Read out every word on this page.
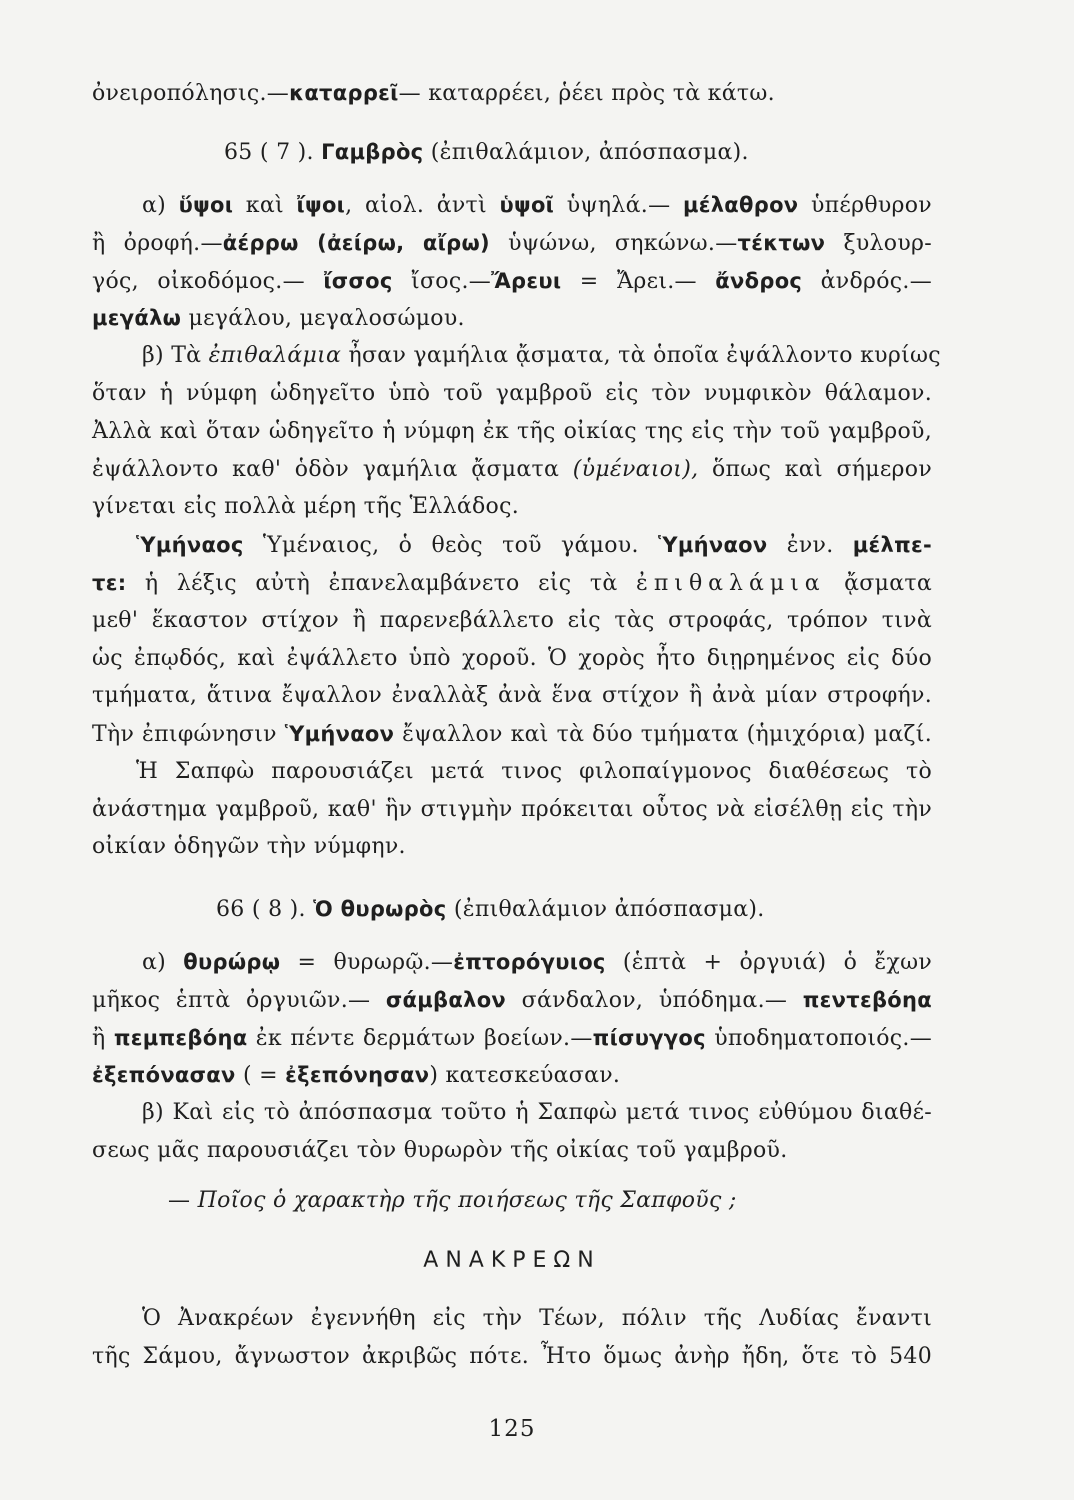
ὀνειροπόλησις.—καταρρεῖ— καταρρέει, ῥέει πρὸς τὰ κάτω.
65 ( 7 ). Γαμβρὸς (ἐπιθαλάμιον, ἀπόσπασμα).
α) ὕψοι καὶ ἴψοι, αἰολ. ἀντὶ ὑψοῖ ὑψηλά.— μέλαθρον ὑπέρθυρον
ἢ ὀροφή.—ἀέρρω (ἀείρω, αἴρω) ὑψώνω, σηκώνω.—τέκτων ξυλουρ-
γός, οἰκοδόμος.— ἴσσος ἴσος.—Ἄρευι = Ἄρει.— ἄνδρος ἀνδρός.—
μεγάλω μεγάλου, μεγαλοσώμου.
β) Τὰ ἐπιθαλάμια ἦσαν γαμήλια ᾄσματα, τὰ ὁποῖα ἐψάλλοντο κυρίως
ὅταν ἡ νύμφη ὡδηγεῖτο ὑπὸ τοῦ γαμβροῦ εἰς τὸν νυμφικὸν θάλαμον.
Ἀλλὰ καὶ ὅταν ὡδηγεῖτο ἡ νύμφη ἐκ τῆς οἰκίας της εἰς τὴν τοῦ γαμβροῦ,
ἐψάλλοντο καθ' ὁδὸν γαμήλια ᾄσματα (ὑμέναιοι), ὅπως καὶ σήμερον
γίνεται εἰς πολλὰ μέρη τῆς Ἑλλάδος.
Ὑμήναος Ὑμέναιος, ὁ θεὸς τοῦ γάμου. Ὑμήναον ἐνν. μέλπε-
τε: ἡ λέξις αὐτὴ ἐπανελαμβάνετο εἰς τὰ ἐπιθαλάμια ᾄσματα
μεθ' ἕκαστον στίχον ἢ παρενεβάλλετο εἰς τὰς στροφάς, τρόπον τινὰ
ὡς ἐπῳδός, καὶ ἐψάλλετο ὑπὸ χοροῦ. Ὁ χορὸς ἦτο διῃρημένος εἰς δύο
τμήματα, ἅτινα ἔψαλλον ἐναλλὰξ ἀνὰ ἕνα στίχον ἢ ἀνὰ μίαν στροφήν.
Τὴν ἐπιφώνησιν Ὑμήναον ἔψαλλον καὶ τὰ δύο τμήματα (ἡμιχόρια) μαζί.
Ἡ Σαπφὼ παρουσιάζει μετά τινος φιλοπαίγμονος διαθέσεως τὸ
ἀνάστημα γαμβροῦ, καθ' ἣν στιγμὴν πρόκειται οὗτος νὰ εἰσέλθῃ εἰς τὴν
οἰκίαν ὁδηγῶν τὴν νύμφην.
66 ( 8 ). Ὁ θυρωρὸς (ἐπιθαλάμιον ἀπόσπασμα).
α) θυρώρῳ = θυρωρῷ.—ἐπτορόγυιος (ἑπτὰ + ὀργυιά) ὁ ἔχων
μῆκος ἑπτὰ ὀργυιῶν.— σάμβαλον σάνδαλον, ὑπόδημα.— πεντεβόηα
ἢ πεμπεβόηα ἐκ πέντε δερμάτων βοείων.—πίσυγγος ὑποδηματοποιός.—
ἐξεπόνασαν ( = ἐξεπόνησαν) κατεσκεύασαν.
β) Καὶ εἰς τὸ ἀπόσπασμα τοῦτο ἡ Σαπφὼ μετά τινος εὐθύμου διαθέ-
σεως μᾶς παρουσιάζει τὸν θυρωρὸν τῆς οἰκίας τοῦ γαμβροῦ.
— Ποῖος ὁ χαρακτὴρ τῆς ποιήσεως τῆς Σαπφοῦς ;
ΑΝΑΚΡΕΩΝ
Ὁ Ἀνακρέων ἐγεννήθη εἰς τὴν Τέων, πόλιν τῆς Λυδίας ἔναντι
τῆς Σάμου, ἄγνωστον ἀκριβῶς πότε. Ἦτο ὅμως ἀνὴρ ἤδη, ὅτε τὸ 540
125
